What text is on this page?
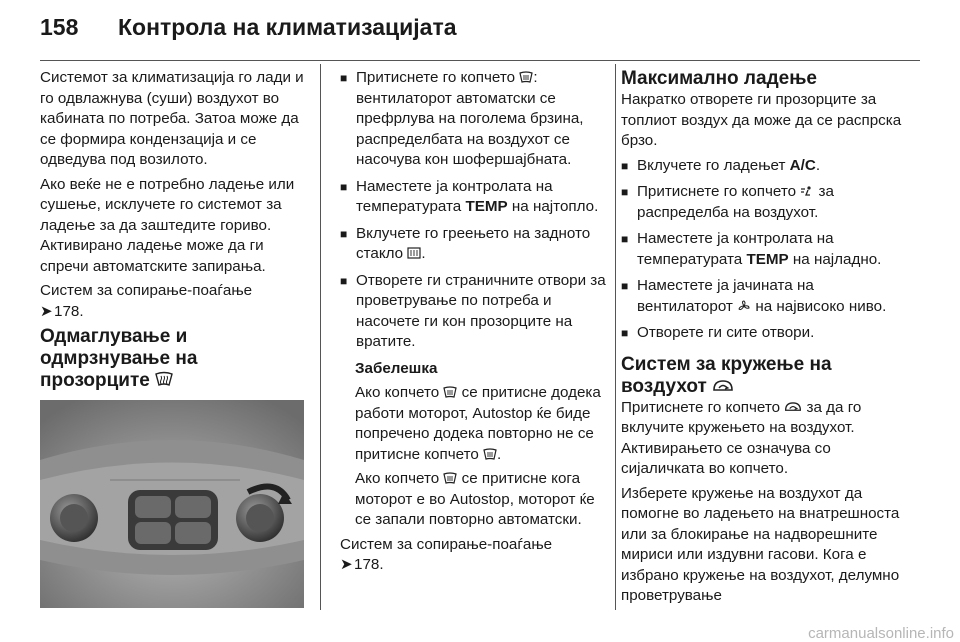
158 Контрола на климатизацијата

Системот за климатизација го лади и го одвлажнува (суши) воздухот во кабината по потреба. Затоа може да се формира кондензација и се одведува под возилото.

Ако веќе не е потребно ладење или сушење, исклучете го системот за ладење за да заштедите гориво. Активирано ладење може да ги спречи автоматските запирања.

Систем за сопирање-поаѓање
➤178.

Одмаглување и одмрзнување на прозорците
■ Притиснете го копчето : вентилаторот автоматски се префрлува на поголема брзина, распределбата на воздухот се насочува кон шофершајбната.
■ Наместете ја контролата на температурата TEMP на најтопло.
■ Вклучете го греењето на задното стакло .
■ Отворете ги страничните отвори за проветрување по потреба и насочете ги кон прозорците на вратите.

Забелешка

Ако копчето  се притисне додека работи моторот, Autostop ќе биде попречено додека повторно не се притисне копчето .

Ако копчето  се притисне кога моторот е во Autostop, моторот ќе се запали повторно автоматски.

Систем за сопирање-поаѓање
➤178.

Максимално ладење

Накратко отворете ги прозорците за топлиот воздух да може да се распрска брзо.

■ Вклучете го ладењет A/C.
■ Притиснете го копчето  за распределба на воздухот.
■ Наместете ја контролата на температурата TEMP на најладно.
■ Наместете ја јачината на вентилаторот  на највисоко ниво.
■ Отворете ги сите отвори.
Систем за кружење на
воздухот

Притиснете го копчето  за да го вклучите кружењето на воздухот. Активирањето се означува со сијаличката во копчето.

Изберете кружење на воздухот да помогне во ладењето на внатрешноста или за блокирање на надворешните мириси или издувни гасови. Кога е избрано кружење на воздухот, делумно проветрување

carmanualsonline.info
